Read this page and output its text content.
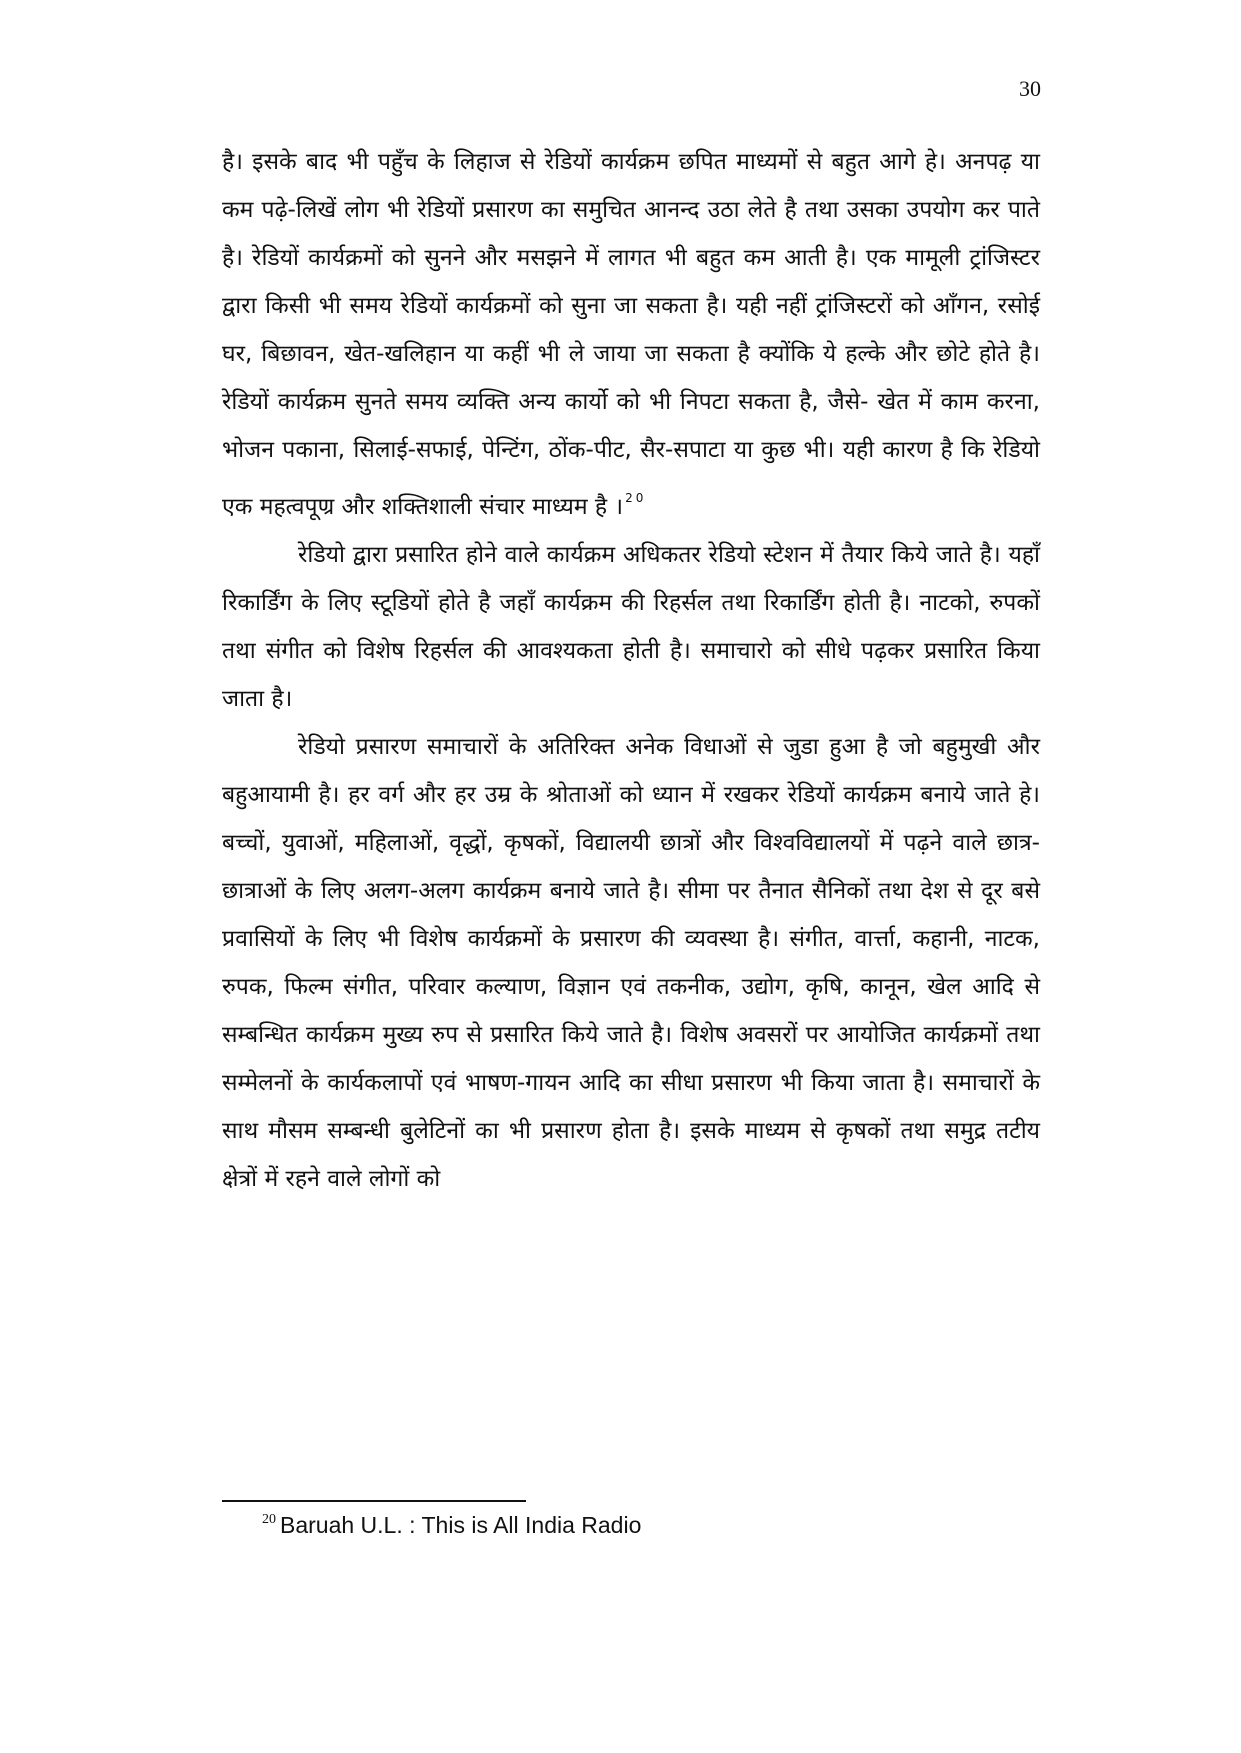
30

है। इसके बाद भी पहुँच के लिहाज से रेडियों कार्यक्रम छपित माध्यमों से बहुत आगे हे। अनपढ़ या कम पढ़े-लिखें लोग भी रेडियों प्रसारण का समुचित आनन्द उठा लेते है तथा उसका उपयोग कर पाते है। रेडियों कार्यक्रमों को सुनने और मसझने में लागत भी बहुत कम आती है। एक मामूली ट्रांजिस्टर द्वारा किसी भी समय रेडियों कार्यक्रमों को सुना जा सकता है। यही नहीं ट्रांजिस्टरों को आँगन, रसोई घर, बिछावन, खेत-खलिहान या कहीं भी ले जाया जा सकता है क्योंकि ये हल्के और छोटे होते है। रेडियों कार्यक्रम सुनते समय व्यक्ति अन्य कार्यो को भी निपटा सकता है, जैसे- खेत में काम करना, भोजन पकाना, सिलाई-सफाई, पेन्टिंग, ठोंक-पीट, सैर-सपाटा या कुछ भी। यही कारण है कि रेडियो एक महत्वपूण्र और शक्तिशाली संचार माध्यम है । $^{20}$

रेडियो द्वारा प्रसारित होने वाले कार्यक्रम अधिकतर रेडियो स्टेशन में तैयार किये जाते है। यहाँ रिकार्डिंग के लिए स्टूडियों होते है जहाँ कार्यक्रम की रिहर्सल तथा रिकार्डिंग होती है। नाटको, रुपकों तथा संगीत को विशेष रिहर्सल की आवश्यकता होती है। समाचारो को सीधे पढ़कर प्रसारित किया जाता है।

रेडियो प्रसारण समाचारों के अतिरिक्त अनेक विधाओं से जुडा हुआ है जो बहुमुखी और बहुआयामी है। हर वर्ग और हर उम्र के श्रोताओं को ध्यान में रखकर रेडियों कार्यक्रम बनाये जाते हे। बच्चों, युवाओं, महिलाओं, वृद्धों, कृषकों, विद्यालयी छात्रों और विश्वविद्यालयों में पढ़ने वाले छात्र-छात्राओं के लिए अलग-अलग कार्यक्रम बनाये जाते है। सीमा पर तैनात सैनिकों तथा देश से दूर बसे प्रवासियों के लिए भी विशेष कार्यक्रमों के प्रसारण की व्यवस्था है। संगीत, वार्त्ता, कहानी, नाटक, रुपक, फिल्म संगीत, परिवार कल्याण, विज्ञान एवं तकनीक, उद्योग, कृषि, कानून, खेल आदि से सम्बन्धित कार्यक्रम मुख्य रुप से प्रसारित किये जाते है। विशेष अवसरों पर आयोजित कार्यक्रमों तथा सम्मेलनों के कार्यकलापों एवं भाषण-गायन आदि का सीधा प्रसारण भी किया जाता है। समाचारों के साथ मौसम सम्बन्धी बुलेटिनों का भी प्रसारण होता है। इसके माध्यम से कृषकों तथा समुद्र तटीय क्षेत्रों में रहने वाले लोगों को

$^{20}$ Baruah U.L. : This is All India Radio
